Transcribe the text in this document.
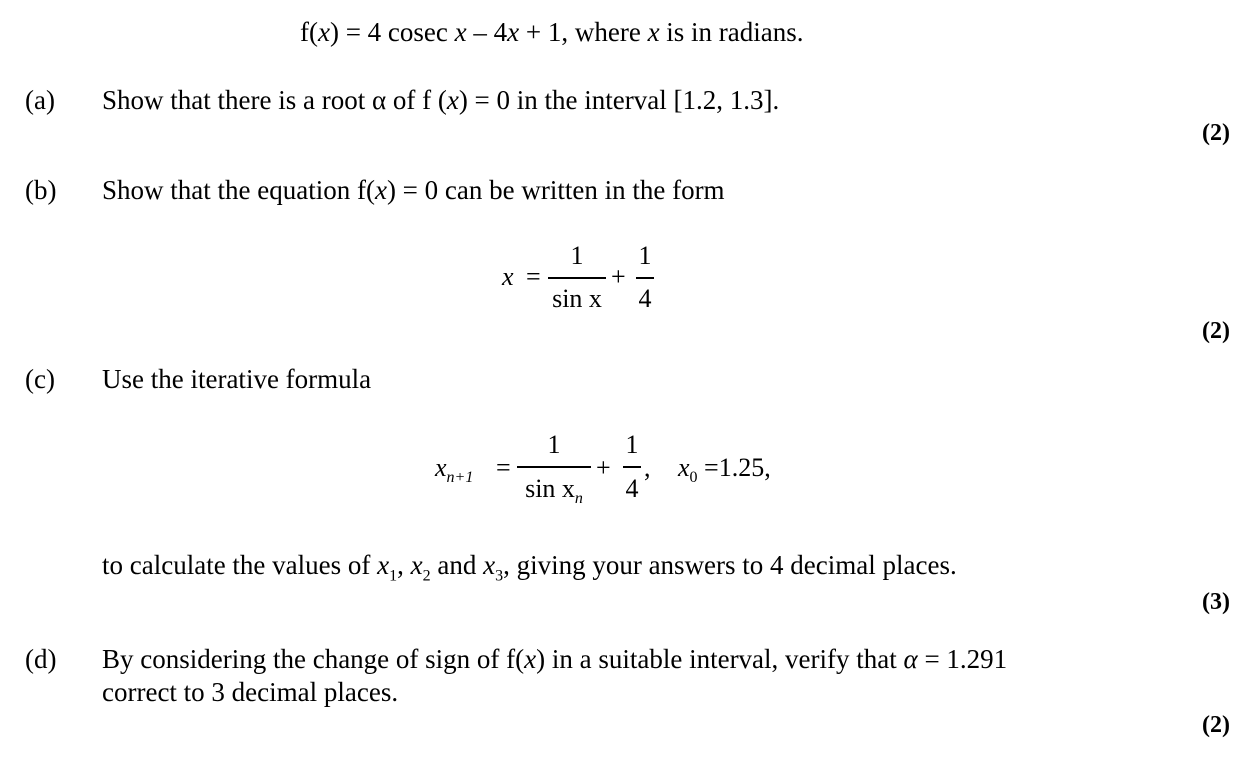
f(x) = 4 cosec x – 4x + 1, where x is in radians.
(a) Show that there is a root α of f (x) = 0 in the interval [1.2, 1.3].
(2)
(b) Show that the equation f(x) = 0 can be written in the form
x =
1
sin x
+
1
4
(2)
(c) Use the iterative formula
$x_{n+1}$ =
1
$\sin x_n$
+
1
4
, $x_0 =1.25$,
to calculate the values of $x_1$, $x_2$ and $x_3$, giving your answers to 4 decimal places.
(3)
(d) By considering the change of sign of f(x) in a suitable interval, verify that α = 1.291
correct to 3 decimal places.
(2)
